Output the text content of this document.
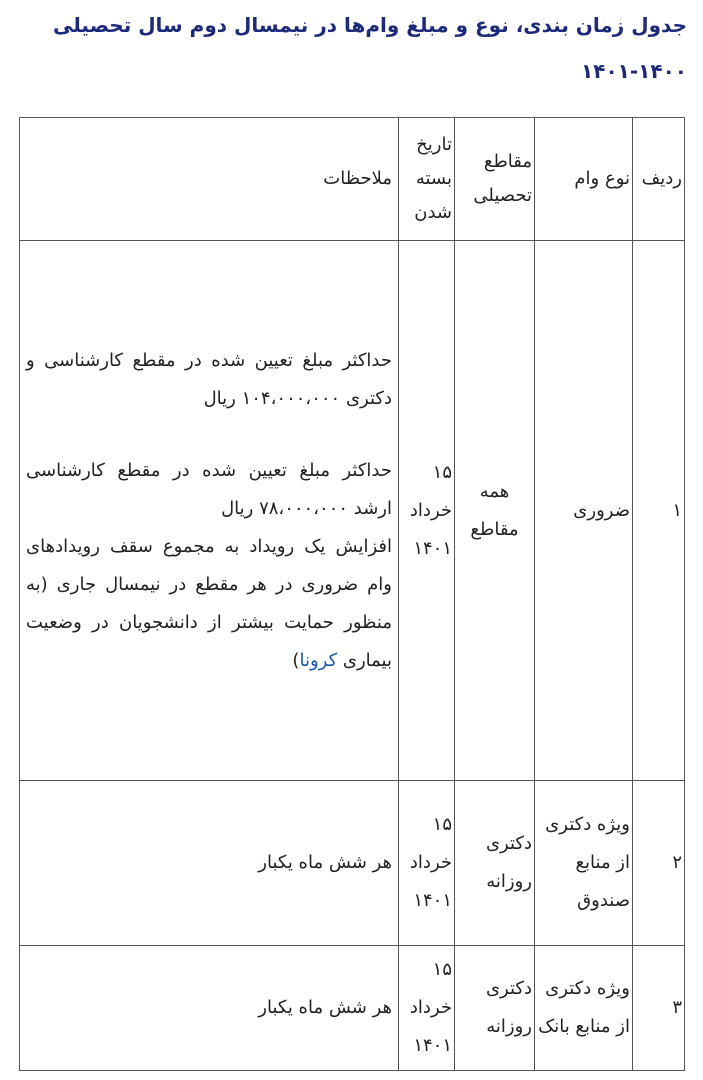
جدول زمان بندی، نوع و مبلغ وام‌ها در نیمسال دوم سال تحصیلی ۱۴۰۰-۱۴۰۱
ردیف	نوع وام	مقاطع تحصیلی	تاریخ بسته شدن	ملاحظات
۱	ضروری	همه مقاطع	۱۵ خرداد ۱۴۰۱	حداکثر مبلغ تعیین شده در مقطع کارشناسی و دکتری ۱۰۴،۰۰۰،۰۰۰ ریال

حداکثر مبلغ تعیین شده در مقطع کارشناسی ارشد ۷۸،۰۰۰،۰۰۰ ریال

افزایش یک رویداد به مجموع سقف رویدادهای وام ضروری در هر مقطع در نیمسال جاری (به منظور حمایت بیشتر از دانشجویان در وضعیت بیماری کرونا)

۲	ویژه دکتری از منابع صندوق	دکتری روزانه	۱۵ خرداد ۱۴۰۱	هر شش ماه یکبار
۳	ویژه دکتری از منابع بانک	دکتری روزانه	۱۵ خرداد ۱۴۰۱	هر شش ماه یکبار
